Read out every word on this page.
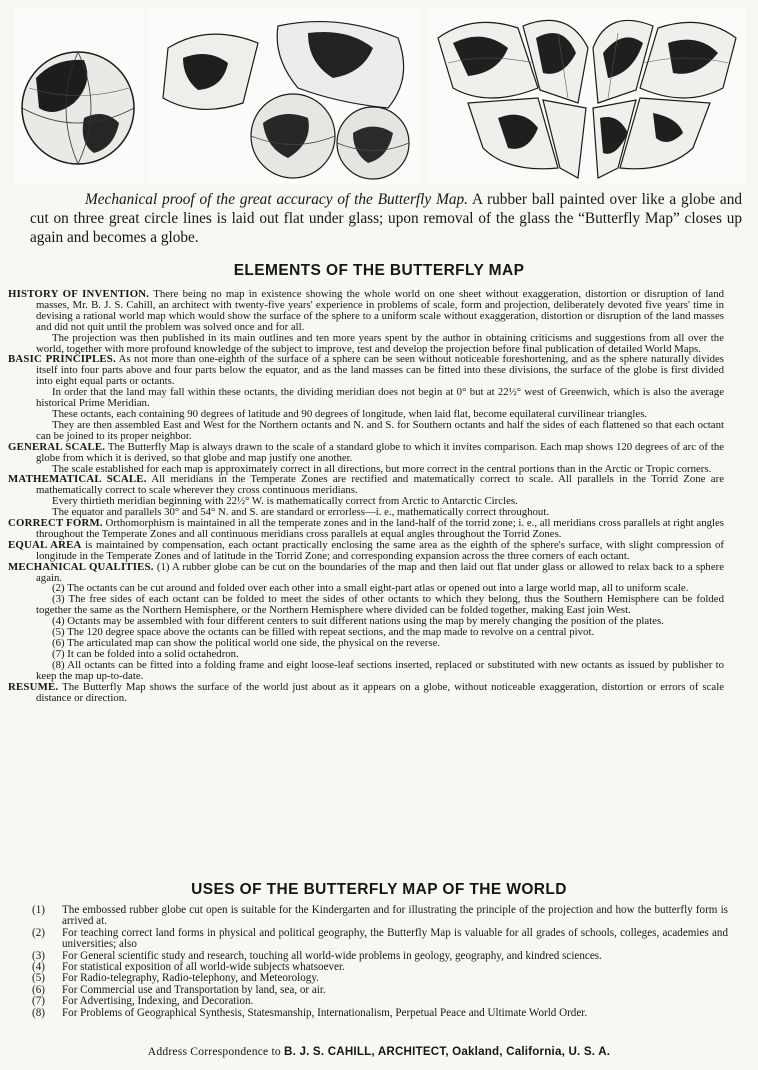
Mechanical proof of the great accuracy of the Butterfly Map. A rubber ball painted over like a globe and cut on three great circle lines is laid out flat under glass; upon removal of the glass the “Butterfly Map” closes up again and becomes a globe.
ELEMENTS OF THE BUTTERFLY MAP

HISTORY OF INVENTION. There being no map in existence showing the whole world on one sheet without exaggeration, distortion or disruption of land masses, Mr. B. J. S. Cahill, an architect with twenty-five years' experience in problems of scale, form and projection, deliberately devoted five years' time in devising a rational world map which would show the surface of the sphere to a uniform scale without exaggeration, distortion or disruption of the land masses and did not quit until the problem was solved once and for all.

The projection was then published in its main outlines and ten more years spent by the author in obtaining criticisms and suggestions from all over the world, together with more profound knowledge of the subject to improve, test and develop the projection before final publication of detailed World Maps.

BASIC PRINCIPLES. As not more than one-eighth of the surface of a sphere can be seen without noticeable foreshortening, and as the sphere naturally divides itself into four parts above and four parts below the equator, and as the land masses can be fitted into these divisions, the surface of the globe is first divided into eight equal parts or octants.

In order that the land may fall within these octants, the dividing meridian does not begin at 0° but at 22½° west of Greenwich, which is also the average historical Prime Meridian.

These octants, each containing 90 degrees of latitude and 90 degrees of longitude, when laid flat, become equilateral curvilinear triangles.

They are then assembled East and West for the Northern octants and N. and S. for Southern octants and half the sides of each flattened so that each octant can be joined to its proper neighbor.

GENERAL SCALE. The Butterfly Map is always drawn to the scale of a standard globe to which it invites comparison. Each map shows 120 degrees of arc of the globe from which it is derived, so that globe and map justify one another.

The scale established for each map is approximately correct in all directions, but more correct in the central portions than in the Arctic or Tropic corners.

MATHEMATICAL SCALE. All meridians in the Temperate Zones are rectified and matematically correct to scale. All parallels in the Torrid Zone are mathematically correct to scale wherever they cross continuous meridians.

Every thirtieth meridian beginning with 22½° W. is mathematically correct from Arctic to Antarctic Circles.

The equator and parallels 30° and 54° N. and S. are standard or errorless—i. e., mathematically correct throughout.

CORRECT FORM. Orthomorphism is maintained in all the temperate zones and in the land-half of the torrid zone; i. e., all meridians cross parallels at right angles throughout the Temperate Zones and all continuous meridians cross parallels at equal angles throughout the Torrid Zones.

EQUAL AREA is maintained by compensation, each octant practically enclosing the same area as the eighth of the sphere's surface, with slight compression of longitude in the Temperate Zones and of latitude in the Torrid Zone; and corresponding expansion across the three corners of each octant.

MECHANICAL QUALITIES. (1) A rubber globe can be cut on the boundaries of the map and then laid out flat under glass or allowed to relax back to a sphere again.

(2) The octants can be cut around and folded over each other into a small eight-part atlas or opened out into a large world map, all to uniform scale.

(3) The free sides of each octant can be folded to meet the sides of other octants to which they belong, thus the Southern Hemisphere can be folded together the same as the Northern Hemisphere, or the Northern Hemisphere where divided can be folded together, making East join West.

(4) Octants may be assembled with four different centers to suit different nations using the map by merely changing the position of the plates.

(5) The 120 degree space above the octants can be filled with repeat sections, and the map made to revolve on a central pivot.

(6) The articulated map can show the political world one side, the physical on the reverse.

(7) It can be folded into a solid octahedron.

(8) All octants can be fitted into a folding frame and eight loose-leaf sections inserted, replaced or substituted with new octants as issued by publisher to keep the map up-to-date.

RESUME. The Butterfly Map shows the surface of the world just about as it appears on a globe, without noticeable exaggeration, distortion or errors of scale distance or direction.

USES OF THE BUTTERFLY MAP OF THE WORLD
(1) The embossed rubber globe cut open is suitable for the Kindergarten and for illustrating the principle of the projection and how the butterfly form is arrived at.
(2) For teaching correct land forms in physical and political geography, the Butterfly Map is valuable for all grades of schools, colleges, academies and universities; also
(3) For General scientific study and research, touching all world-wide problems in geology, geography, and kindred sciences.
(4) For statistical exposition of all world-wide subjects whatsoever.
(5) For Radio-telegraphy, Radio-telephony, and Meteorology.
(6) For Commercial use and Transportation by land, sea, or air.
(7) For Advertising, Indexing, and Decoration.
(8) For Problems of Geographical Synthesis, Statesmanship, Internationalism, Perpetual Peace and Ultimate World Order.
Address Correspondence to B. J. S. CAHILL, ARCHITECT, Oakland, California, U. S. A.
